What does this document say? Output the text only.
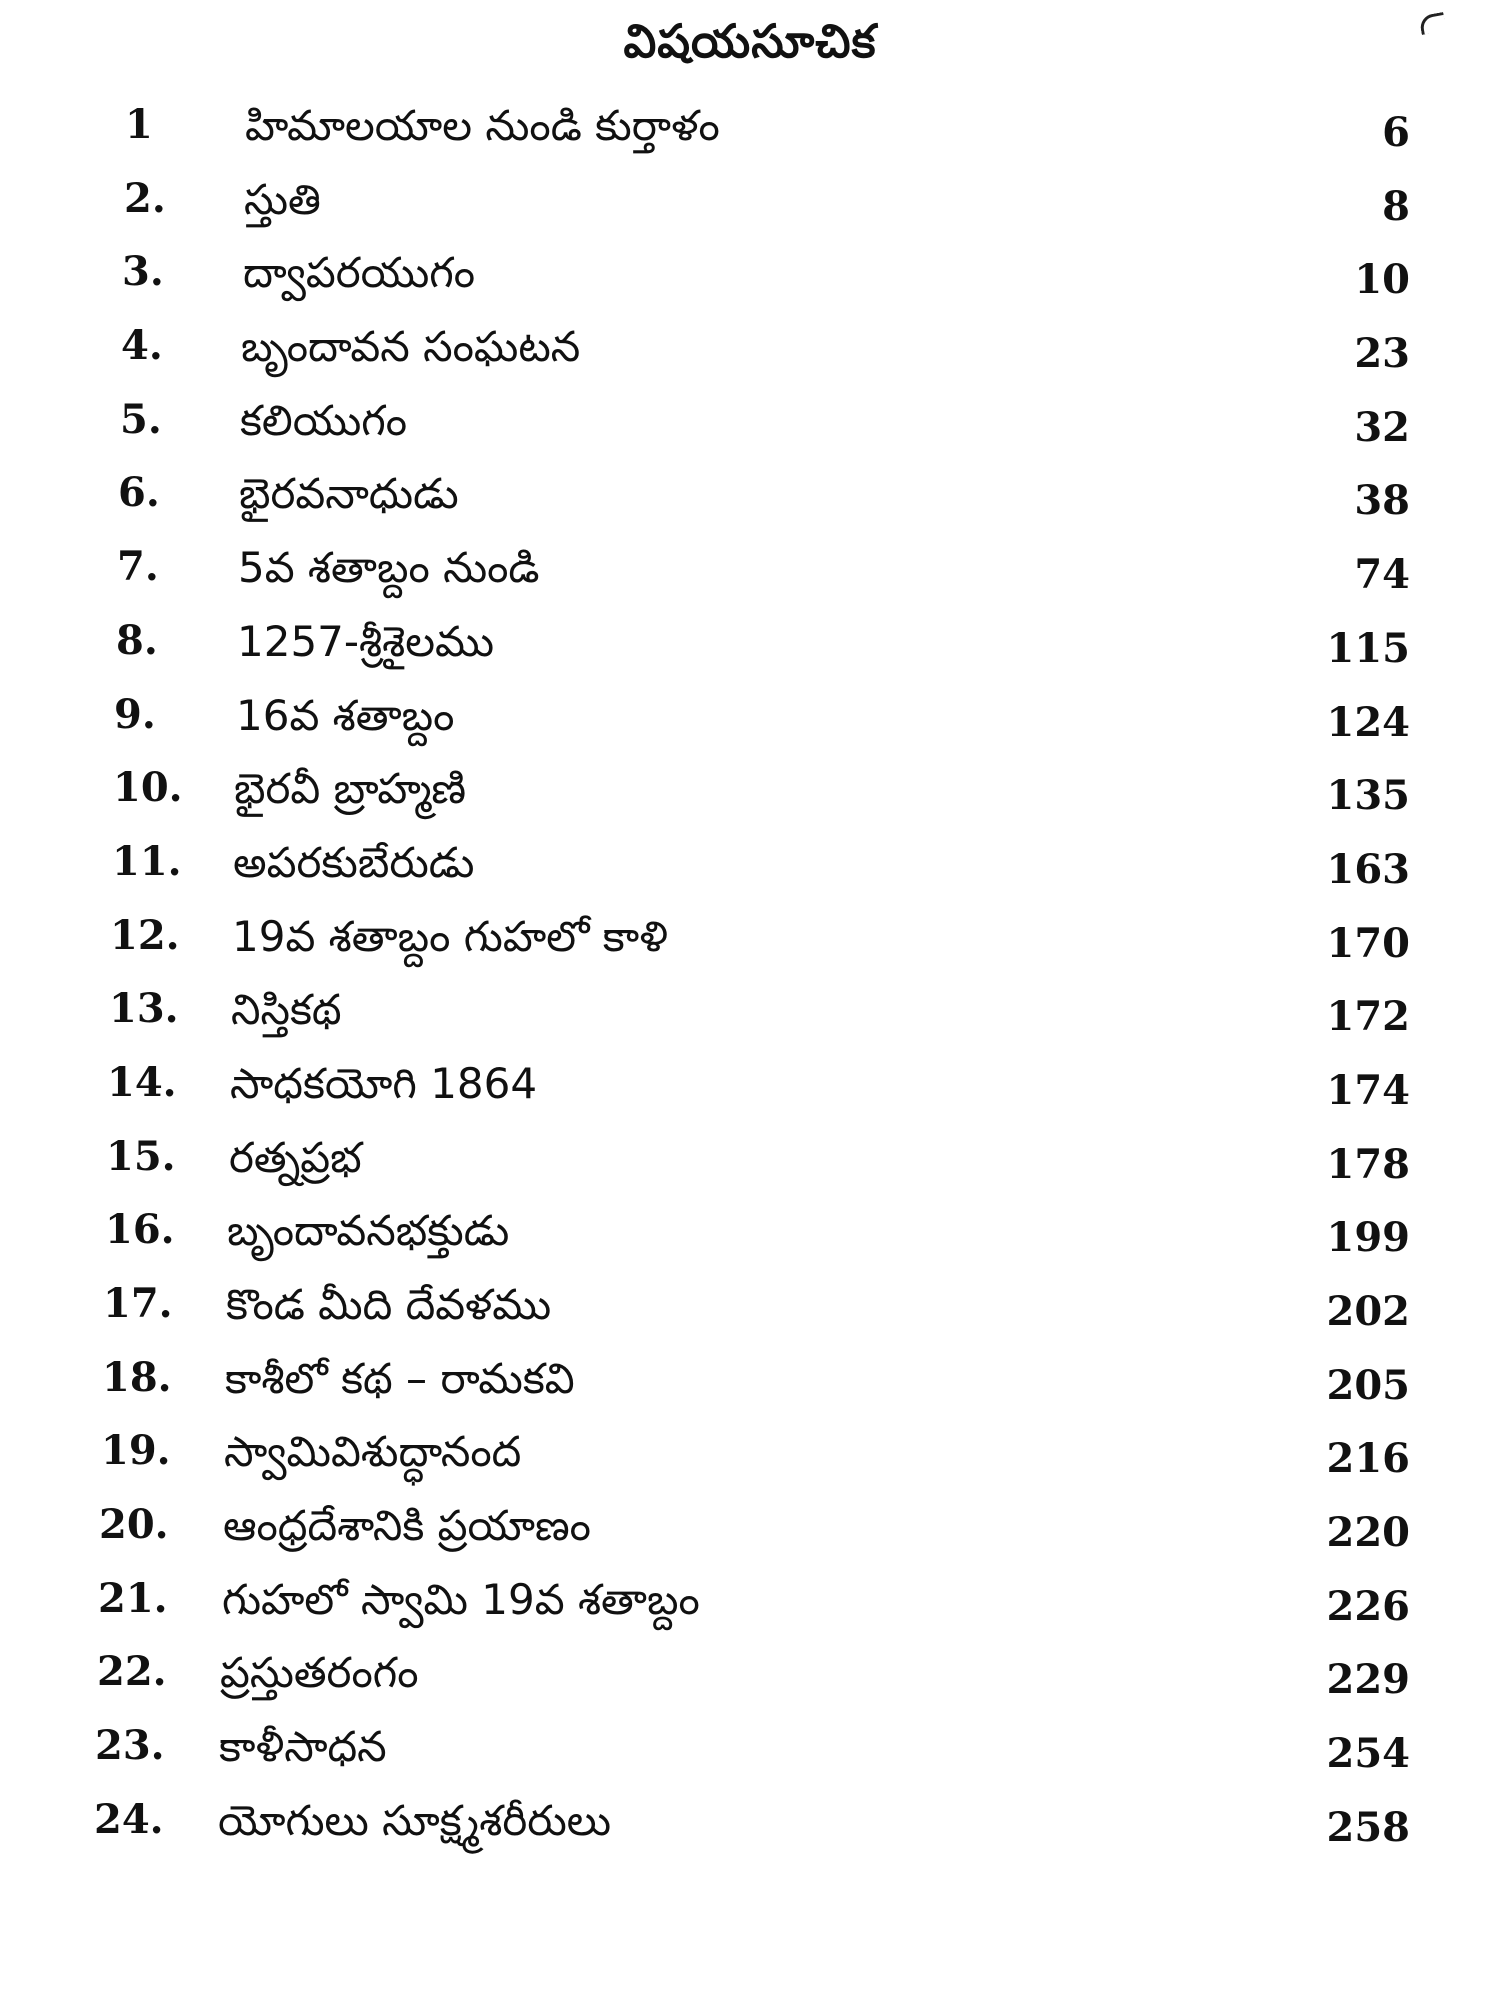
విషయసూచిక
1 హిమాలయాల నుండి కుర్తాళం	6
2. స్తుతి	8
3. ద్వాపరయుగం	10
4. బృందావన సంఘటన	23
5. కలియుగం	32
6. భైరవనాధుడు	38
7. 5వ శతాబ్దం నుండి	74
8. 1257-శ్రీశైలము	115
9. 16వ శతాబ్దం	124
10. భైరవీ బ్రాహ్మణి	135
11. అపరకుబేరుడు	163
12. 19వ శతాబ్దం గుహలో కాళి	170
13. నిస్తికథ	172
14. సాధకయోగి 1864	174
15. రత్నప్రభ	178
16. బృందావనభక్తుడు	199
17. కొండ మీది దేవళము	202
18. కాశీలో కథ – రామకవి	205
19. స్వామివిశుద్ధానంద	216
20. ఆంధ్రదేశానికి ప్రయాణం	220
21. గుహలో స్వామి 19వ శతాబ్దం	226
22. ప్రస్తుతరంగం	229
23. కాళీసాధన	254
24. యోగులు సూక్ష్మశరీరులు	258
